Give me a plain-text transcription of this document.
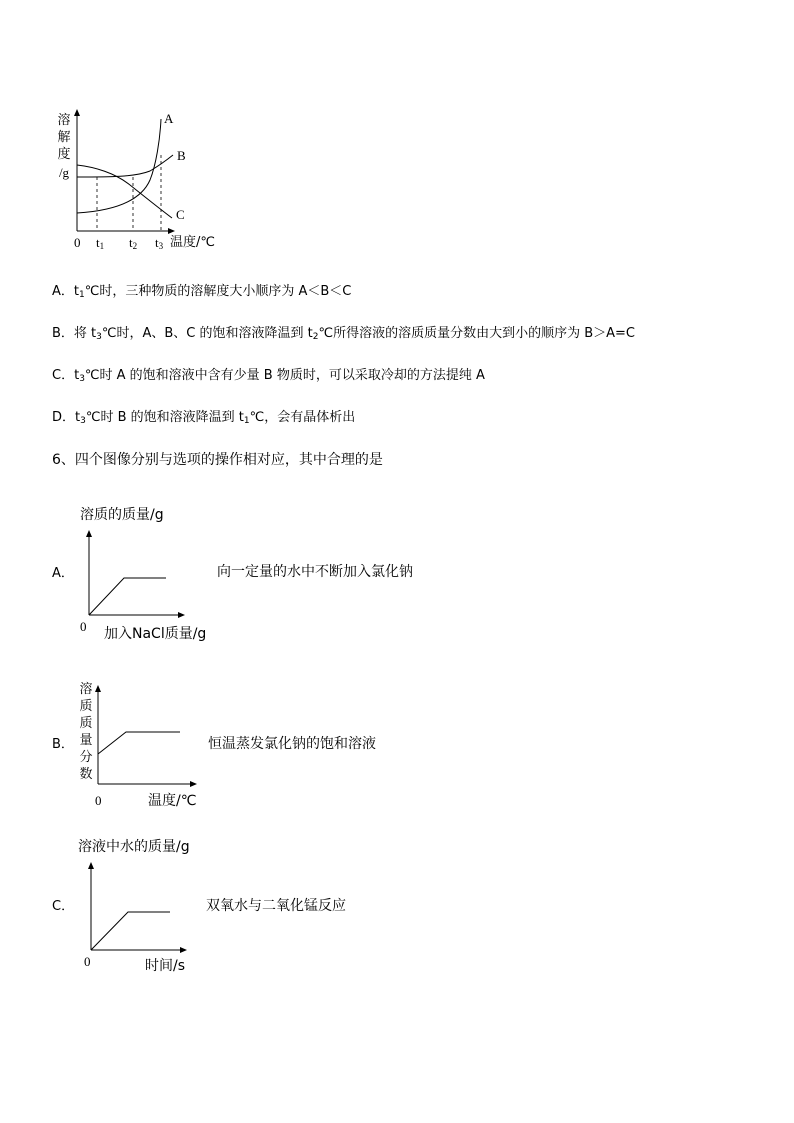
溶
解
度
/g
A
B
C
0 $t_1$ $t_2$ $t_3$ 温度/℃
A．$t_1℃$时，三种物质的溶解度大小顺序为 A＜B＜C
B．将 $t_3℃$时，A、B、C 的饱和溶液降温到 $t_2℃$所得溶液的溶质质量分数由大到小的顺序为 B＞A=C
C．$t_3℃$时 A 的饱和溶液中含有少量 B 物质时，可以采取冷却的方法提纯 A
D．$t_3℃$时 B 的饱和溶液降温到 $t_1℃$，会有晶体析出
6、四个图像分别与选项的操作相对应，其中合理的是
溶质的质量/g
A．
0 加入NaCl质量/g
向一定量的水中不断加入氯化钠
溶
质
质
量
分
数
B．
0	温度/℃
恒温蒸发氯化钠的饱和溶液
溶液中水的质量/g
C．
0	时间/s
双氧水与二氧化锰反应
